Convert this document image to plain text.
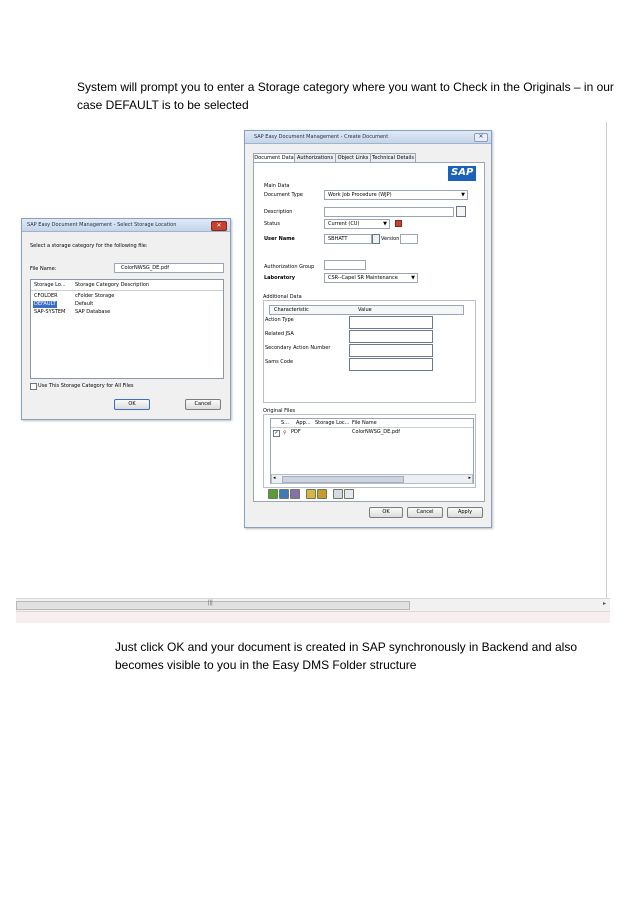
System will prompt you to enter a Storage category where you want to Check in the Originals – in our case DEFAULT is to be selected
SAP Easy Document Management - Select Storage Location	✕
Select a storage category for the following file:
File Name:	ColorNWSG_DE.pdf
Storage Lo... Storage Category Description
CFOLDER	cFolder Storage
DEFAULT	Default
SAP-SYSTEM SAP Database
Use This Storage Category for All Files
OK	Cancel
SAP Easy Document Management - Create Document	✕
Document Data Authorizations Object Links Technical Details
SAP
Main Data
Document Type	Work Job Procedure (WJP)	▼
Description
Status	Current (CU)	▼
User Name	SBHATT	Version
Authorization Group
Laboratory	CSR--Capel SR Maintenance	▼
Additional Data
Characteristic	Value
Action Type
Related JSA
Secondary Action Number
Sams Code
Original Files
S... App... Storage Loc... File Name
✓ ⚲ PDF	ColorNWSG_DE.pdf
◂	▸
OK	Cancel	Apply
|||	▸
Just click OK and your document is created in SAP synchronously in Backend and also becomes visible to you in the Easy DMS Folder structure
